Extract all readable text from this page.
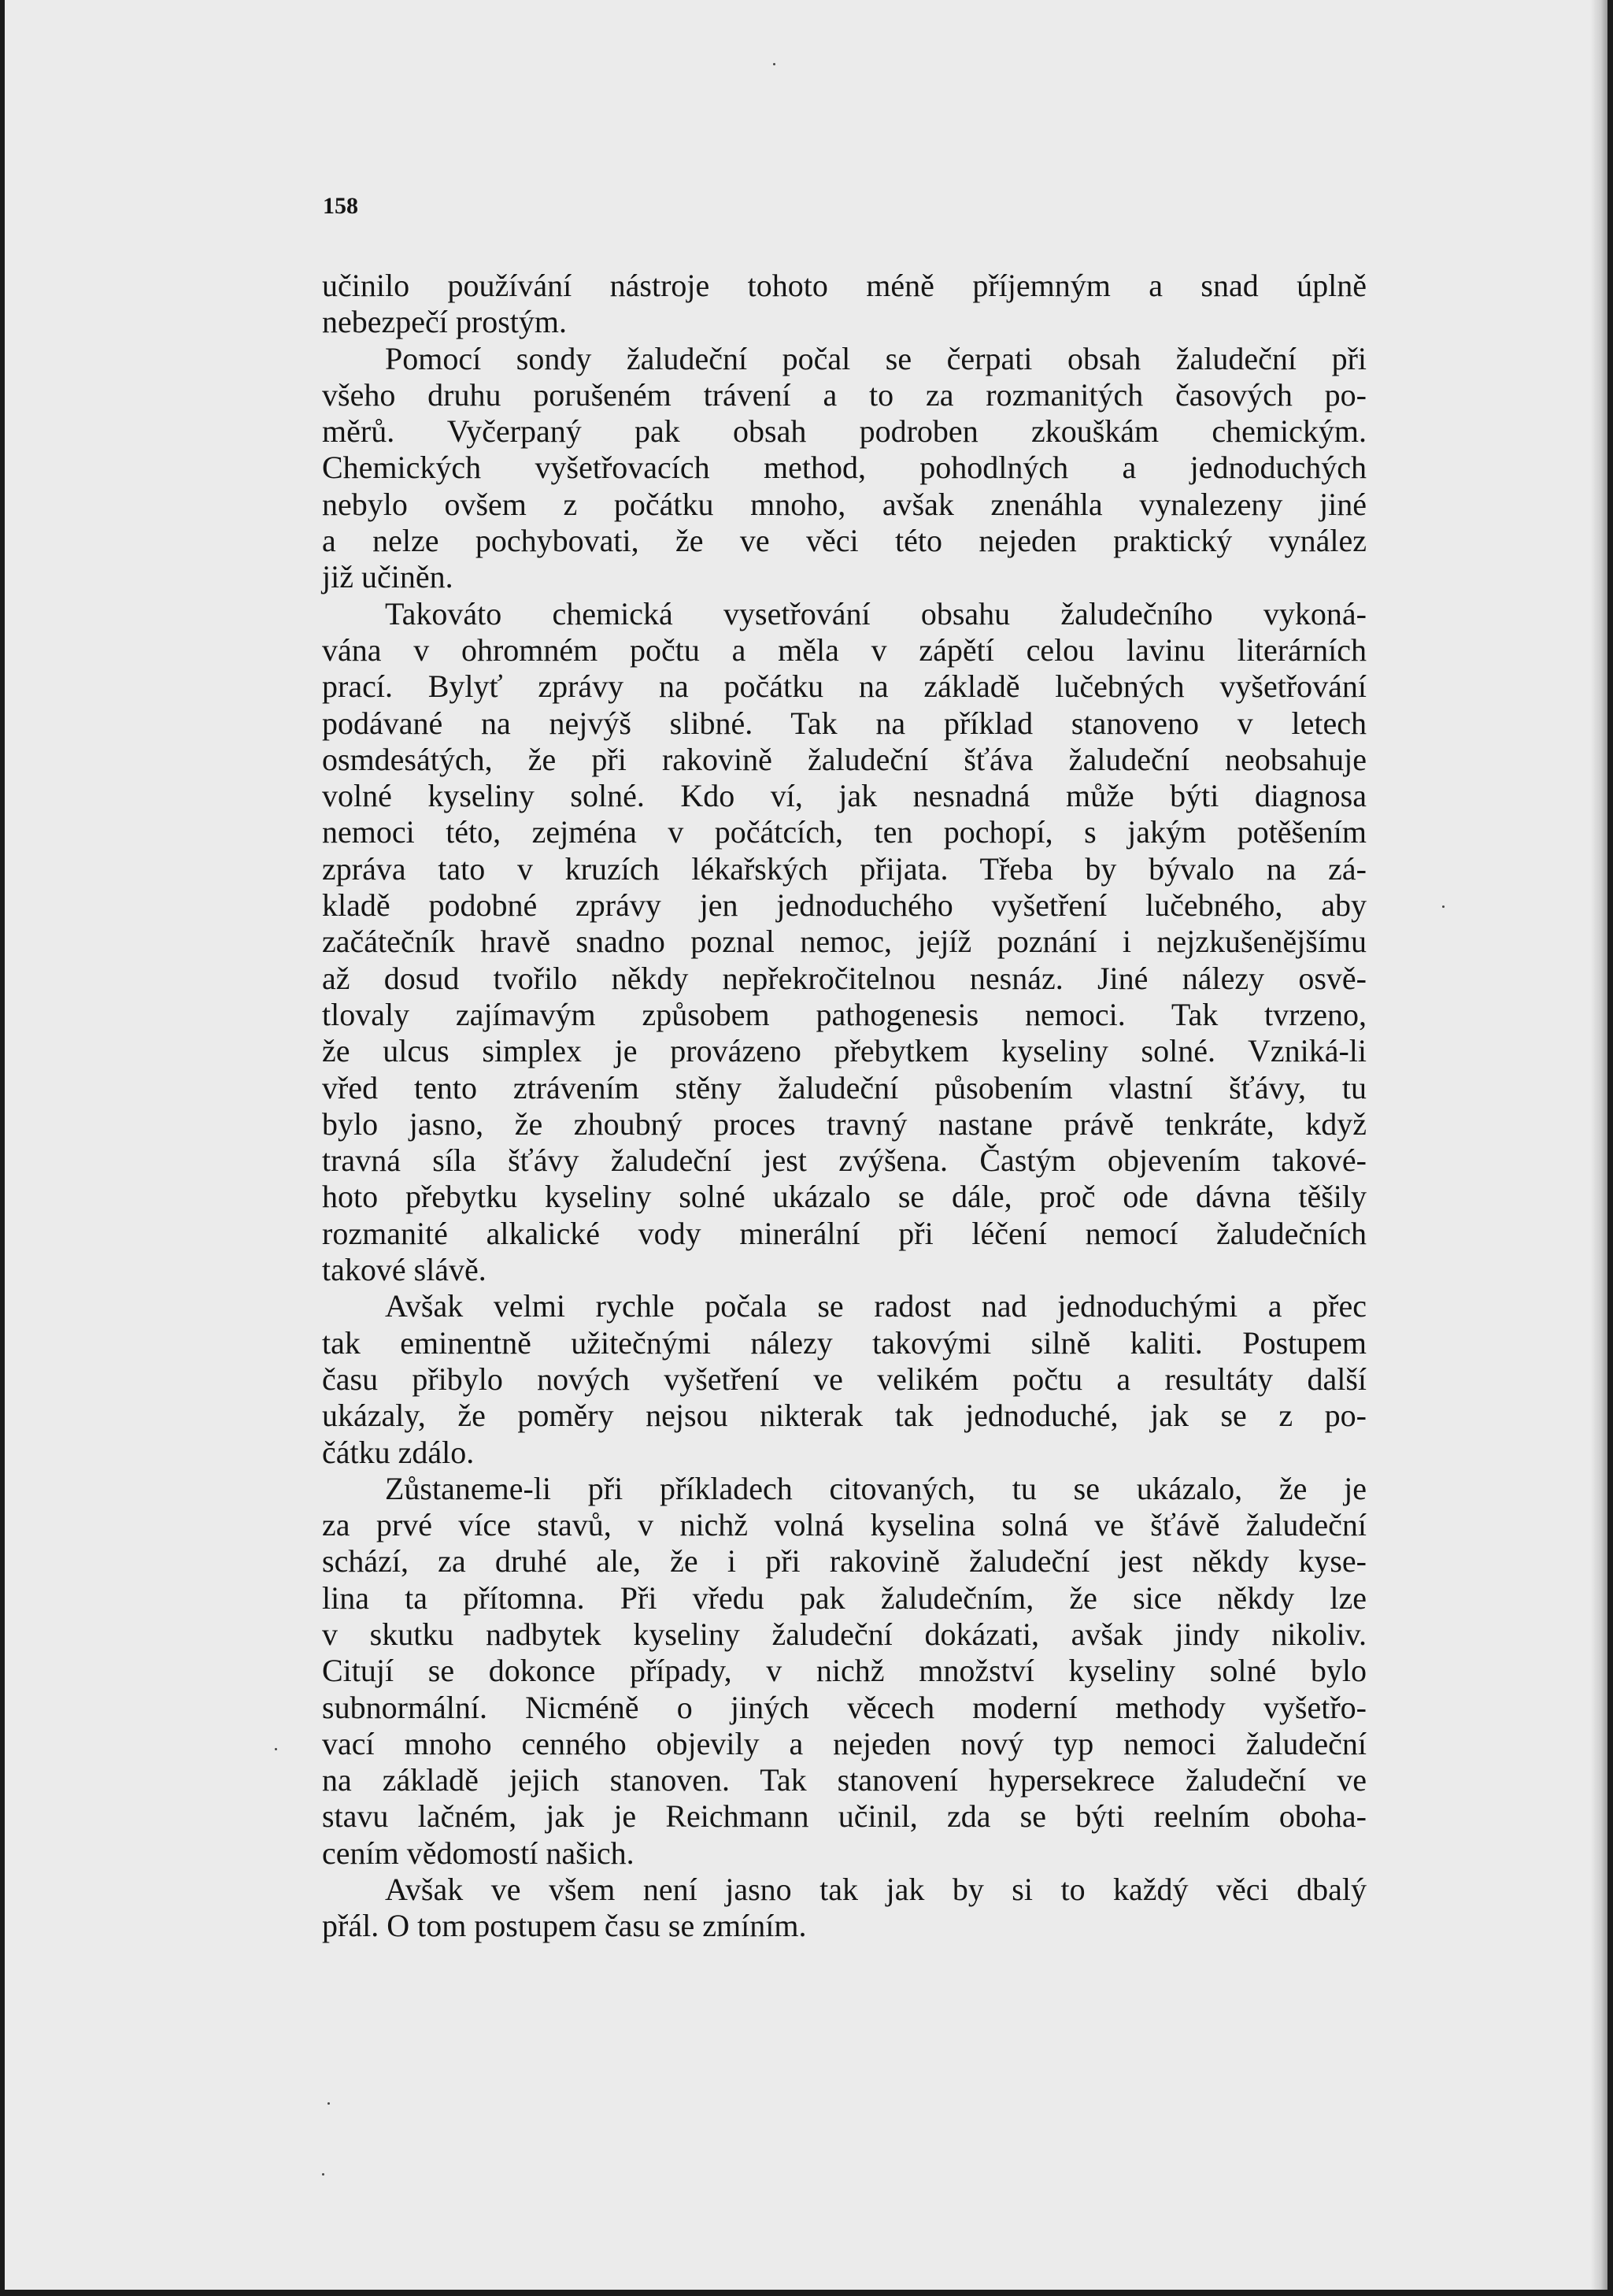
158
učinilo používání nástroje tohoto méně příjemným a snad úplně
nebezpečí prostým.
Pomocí sondy žaludeční počal se čerpati obsah žaludeční při
všeho druhu porušeném trávení a to za rozmanitých časových po-
měrů. Vyčerpaný pak obsah podroben zkouškám chemickým.
Chemických vyšetřovacích method, pohodlných a jednoduchých
nebylo ovšem z počátku mnoho, avšak znenáhla vynalezeny jiné
a nelze pochybovati, že ve věci této nejeden praktický vynález
již učiněn.
Takováto chemická vysetřování obsahu žaludečního vykoná-
vána v ohromném počtu a měla v zápětí celou lavinu literárních
prací. Bylyť zprávy na počátku na základě lučebných vyšetřování
podávané na nejvýš slibné. Tak na příklad stanoveno v letech
osmdesátých, že při rakovině žaludeční šťáva žaludeční neobsahuje
volné kyseliny solné. Kdo ví, jak nesnadná může býti diagnosa
nemoci této, zejména v počátcích, ten pochopí, s jakým potěšením
zpráva tato v kruzích lékařských přijata. Třeba by bývalo na zá-
kladě podobné zprávy jen jednoduchého vyšetření lučebného, aby
začátečník hravě snadno poznal nemoc, jejíž poznání i nejzkušenějšímu
až dosud tvořilo někdy nepřekročitelnou nesnáz. Jiné nálezy osvě-
tlovaly zajímavým způsobem pathogenesis nemoci. Tak tvrzeno,
že ulcus simplex je provázeno přebytkem kyseliny solné. Vzniká-li
vřed tento ztrávením stěny žaludeční působením vlastní šťávy, tu
bylo jasno, že zhoubný proces travný nastane právě tenkráte, když
travná síla šťávy žaludeční jest zvýšena. Častým objevením takové-
hoto přebytku kyseliny solné ukázalo se dále, proč ode dávna těšily
rozmanité alkalické vody minerální při léčení nemocí žaludečních
takové slávě.
Avšak velmi rychle počala se radost nad jednoduchými a přec
tak eminentně užitečnými nálezy takovými silně kaliti. Postupem
času přibylo nových vyšetření ve velikém počtu a resultáty další
ukázaly, že poměry nejsou nikterak tak jednoduché, jak se z po-
čátku zdálo.
Zůstaneme-li při příkladech citovaných, tu se ukázalo, že je
za prvé více stavů, v nichž volná kyselina solná ve šťávě žaludeční
schází, za druhé ale, že i při rakovině žaludeční jest někdy kyse-
lina ta přítomna. Při vředu pak žaludečním, že sice někdy lze
v skutku nadbytek kyseliny žaludeční dokázati, avšak jindy nikoliv.
Citují se dokonce případy, v nichž množství kyseliny solné bylo
subnormální. Nicméně o jiných věcech moderní methody vyšetřo-
vací mnoho cenného objevily a nejeden nový typ nemoci žaludeční
na základě jejich stanoven. Tak stanovení hypersekrece žaludeční ve
stavu lačném, jak je Reichmann učinil, zda se býti reelním oboha-
cením vědomostí našich.
Avšak ve všem není jasno tak jak by si to každý věci dbalý
přál. O tom postupem času se zmíním.
